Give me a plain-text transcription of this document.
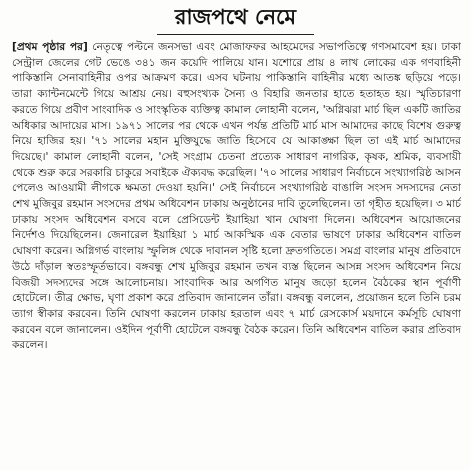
রাজপথে নেমে

[প্রথম পৃষ্ঠার পর] নেতৃত্বে পল্টনে জনসভা এবং মোজাফফর আহমেদের সভাপতিত্বে গণসমাবেশ হয়। ঢাকা সেন্ট্রাল জেলের গেট ভেঙে ৩৪১ জন কয়েদি পালিয়ে যান। যশোরে প্রায় ৪ লাখ লোকের এক গণবাহিনী পাকিস্তানি সেনাবাহিনীর ওপর আক্রমণ করে। এসব ঘটনায় পাকিস্তানি বাহিনীর মধ্যে আতঙ্ক ছড়িয়ে পড়ে। তারা ক্যান্টনমেন্টে গিয়ে আশ্রয় নেয়। বহুসংখ্যক সৈন্য ও বিহারি জনতার হাতে হতাহত হয়। স্মৃতিচারণা করতে গিয়ে প্রবীণ সাংবাদিক ও সাংস্কৃতিক ব্যক্তিত্ব কামাল লোহানী বলেন, 'অগ্নিঝরা মার্চ ছিল একটি জাতির অধিকার আদায়ের মাস। ১৯৭১ সালের পর থেকে এখন পর্যন্ত প্রতিটি মার্চ মাস আমাদের কাছে বিশেষ গুরুত্ব নিয়ে হাজির হয়। '৭১ সালের মহান মুক্তিযুদ্ধে জাতি হিসেবে যে আকাঙ্ক্ষা ছিল তা এই মার্চ আমাদের দিয়েছে।' কামাল লোহানী বলেন, 'সেই সংগ্রাম চেতনা প্রত্যেক সাধারণ নাগরিক, কৃষক, শ্রমিক, ব্যবসায়ী থেকে শুরু করে সরকারি চাকুরে সবাইকে ঐক্যবদ্ধ করেছিল। '৭০ সালের সাধারণ নির্বাচনে সংখ্যাগরিষ্ঠ আসন পেলেও আওয়ামী লীগকে ক্ষমতা দেওয়া হয়নি।' সেই নির্বাচনে সংখ্যাগরিষ্ঠ বাঙালি সংসদ সদস্যদের নেতা শেখ মুজিবুর রহমান সংসদের প্রথম অধিবেশন ঢাকায় অনুষ্ঠানের দাবি তুলেছিলেন। তা গৃহীত হয়েছিল। ৩ মার্চ ঢাকায় সংসদ অধিবেশন বসবে বলে প্রেসিডেন্ট ইয়াহিয়া খান ঘোষণা দিলেন। অধিবেশন আয়োজনের নির্দেশও দিয়েছিলেন। জেনারেল ইয়াহিয়া ১ মার্চ আকস্মিক এক বেতার ভাষণে ঢাকার অধিবেশন বাতিল ঘোষণা করেন। অগ্নিগর্ভ বাংলায় স্ফুলিঙ্গ থেকে দাবানল সৃষ্টি হলো দ্রুতগতিতে। সমগ্র বাংলার মানুষ প্রতিবাদে উঠে দাঁড়াল স্বতঃস্ফূর্তভাবে। বঙ্গবন্ধু শেখ মুজিবুর রহমান তখন ব্যস্ত ছিলেন আসন্ন সংসদ অধিবেশন নিয়ে বিজয়ী সদস্যদের সঙ্গে আলোচনায়। সাংবাদিক আর অগণিত মানুষ জড়ো হলেন বৈঠকের স্থান পূর্বাণী হোটেলে। তীব্র ক্ষোভ, ঘৃণা প্রকাশ করে প্রতিবাদ জানালেন তাঁরা। বঙ্গবন্ধু বললেন, প্রয়োজন হলে তিনি চরম ত্যাগ স্বীকার করবেন। তিনি ঘোষণা করলেন ঢাকায় হরতাল এবং ৭ মার্চ রেসকোর্স ময়দানে কর্মসূচি ঘোষণা করবেন বলে জানালেন। ওইদিন পূর্বাণী হোটেলে বঙ্গবন্ধু বৈঠক করেন। তিনি অধিবেশন বাতিল করার প্রতিবাদ করলেন।
